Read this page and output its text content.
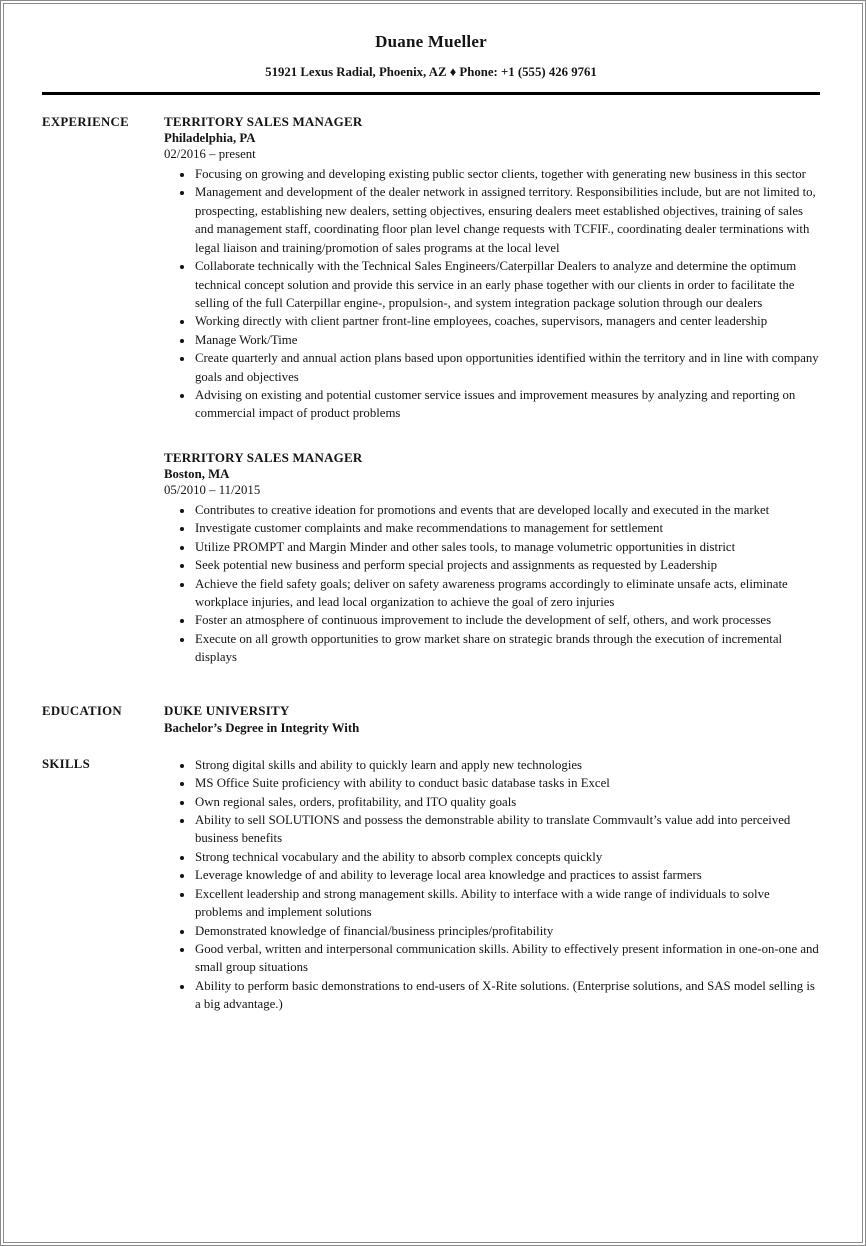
Duane Mueller
51921 Lexus Radial, Phoenix, AZ ♦ Phone: +1 (555) 426 9761
EXPERIENCE	TERRITORY SALES MANAGER
Philadelphia, PA
02/2016 – present
• Focusing on growing and developing existing public sector clients, together with generating new business in this sector
• Management and development of the dealer network in assigned territory. Responsibilities include, but are not limited to, prospecting, establishing new dealers, setting objectives, ensuring dealers meet established objectives, training of sales and management staff, coordinating floor plan level change requests with TCFIF., coordinating dealer terminations with legal liaison and training/promotion of sales programs at the local level
• Collaborate technically with the Technical Sales Engineers/Caterpillar Dealers to analyze and determine the optimum technical concept solution and provide this service in an early phase together with our clients in order to facilitate the selling of the full Caterpillar engine-, propulsion-, and system integration package solution through our dealers
• Working directly with client partner front-line employees, coaches, supervisors, managers and center leadership
• Manage Work/Time
• Create quarterly and annual action plans based upon opportunities identified within the territory and in line with company goals and objectives
• Advising on existing and potential customer service issues and improvement measures by analyzing and reporting on commercial impact of product problems
TERRITORY SALES MANAGER
Boston, MA
05/2010 – 11/2015
• Contributes to creative ideation for promotions and events that are developed locally and executed in the market
• Investigate customer complaints and make recommendations to management for settlement
• Utilize PROMPT and Margin Minder and other sales tools, to manage volumetric opportunities in district
• Seek potential new business and perform special projects and assignments as requested by Leadership
• Achieve the field safety goals; deliver on safety awareness programs accordingly to eliminate unsafe acts, eliminate workplace injuries, and lead local organization to achieve the goal of zero injuries
• Foster an atmosphere of continuous improvement to include the development of self, others, and work processes
• Execute on all growth opportunities to grow market share on strategic brands through the execution of incremental displays
EDUCATION	DUKE UNIVERSITY
Bachelor’s Degree in Integrity With
SKILLS	• Strong digital skills and ability to quickly learn and apply new technologies
• MS Office Suite proficiency with ability to conduct basic database tasks in Excel
• Own regional sales, orders, profitability, and ITO quality goals
• Ability to sell SOLUTIONS and possess the demonstrable ability to translate Commvault’s value add into perceived business benefits
• Strong technical vocabulary and the ability to absorb complex concepts quickly
• Leverage knowledge of and ability to leverage local area knowledge and practices to assist farmers
• Excellent leadership and strong management skills. Ability to interface with a wide range of individuals to solve problems and implement solutions
• Demonstrated knowledge of financial/business principles/profitability
• Good verbal, written and interpersonal communication skills. Ability to effectively present information in one-on-one and small group situations
• Ability to perform basic demonstrations to end-users of X-Rite solutions. (Enterprise solutions, and SAS model selling is a big advantage.)
